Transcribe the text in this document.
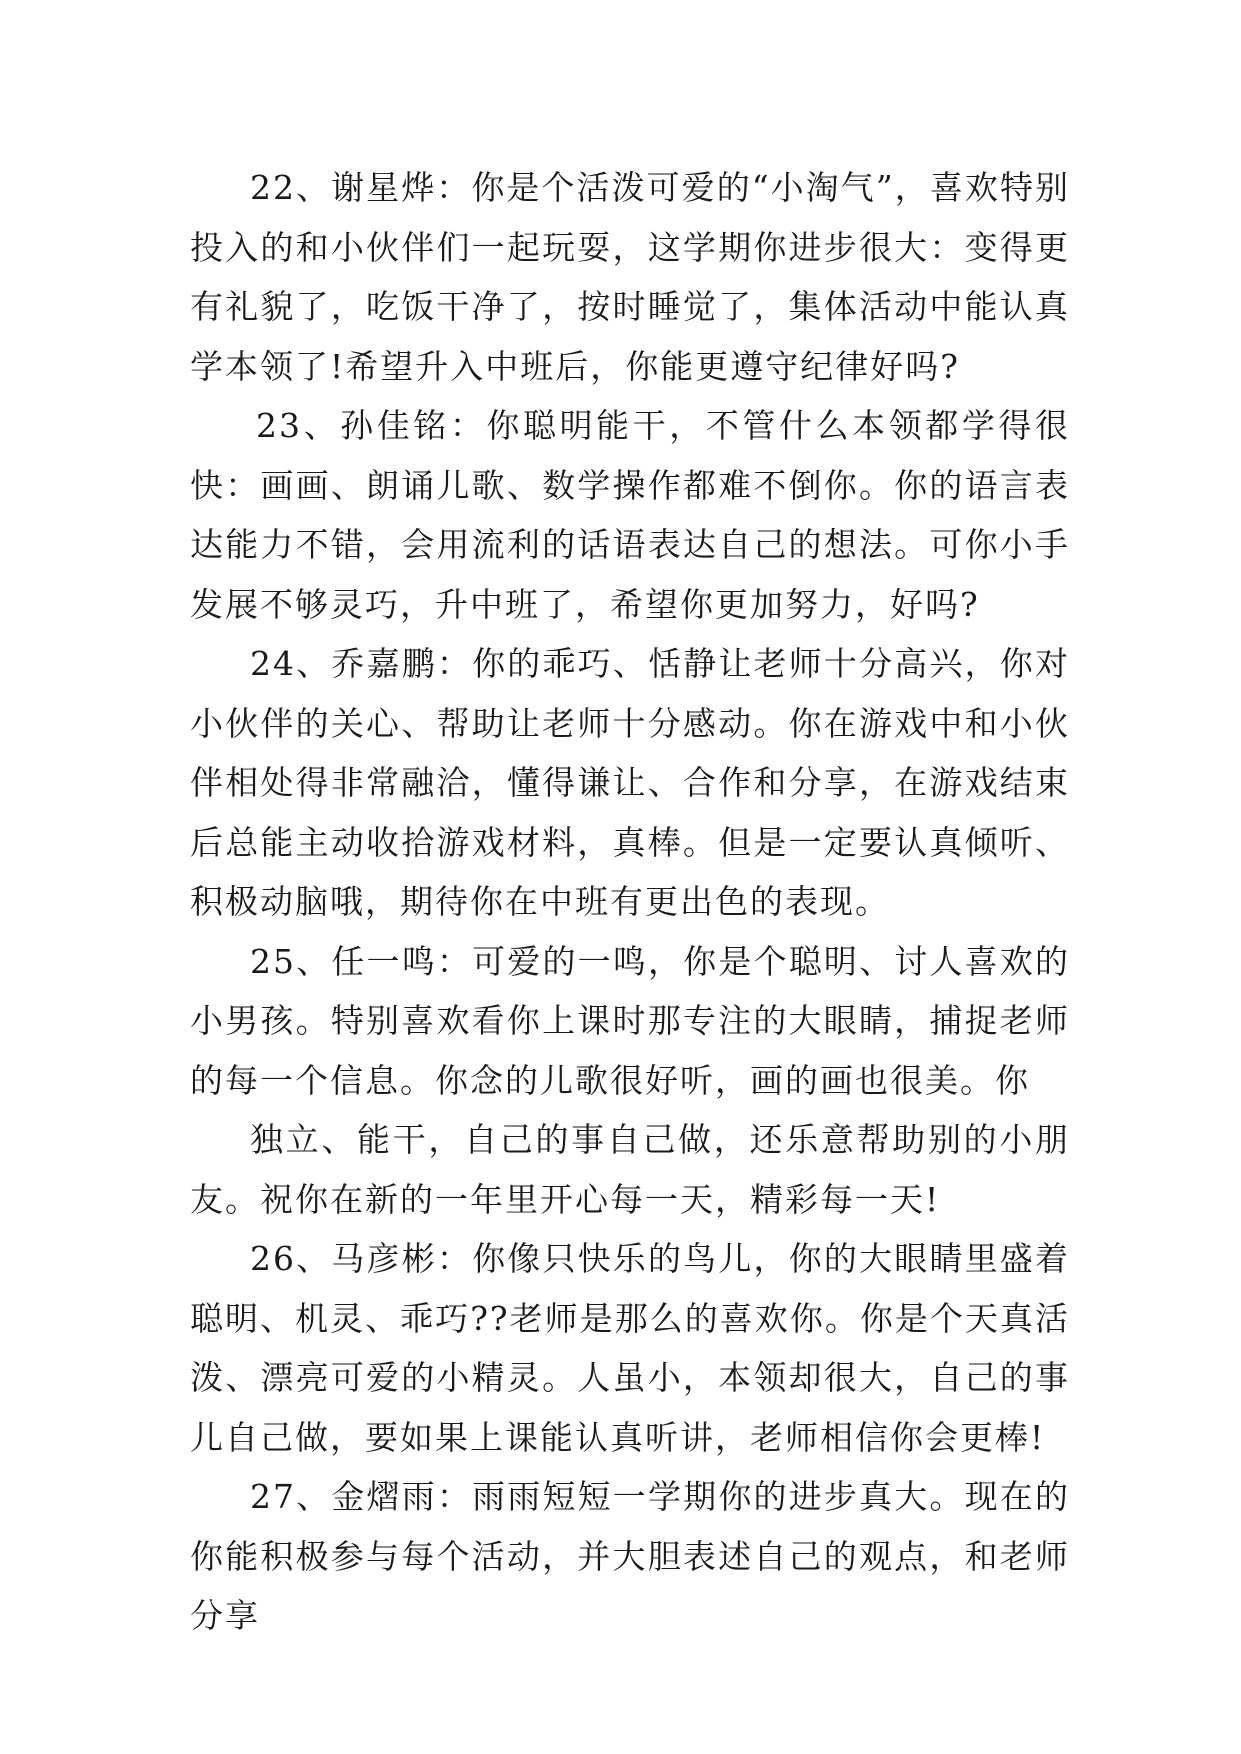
22、谢星烨：你是个活泼可爱的“小淘气”，喜欢特别投入的和小伙伴们一起玩耍，这学期你进步很大：变得更有礼貌了，吃饭干净了，按时睡觉了，集体活动中能认真学本领了!希望升入中班后，你能更遵守纪律好吗?

23、孙佳铭：你聪明能干，不管什么本领都学得很快：画画、朗诵儿歌、数学操作都难不倒你。你的语言表达能力不错，会用流利的话语表达自己的想法。可你小手发展不够灵巧，升中班了，希望你更加努力，好吗?

24、乔嘉鹏：你的乖巧、恬静让老师十分高兴，你对小伙伴的关心、帮助让老师十分感动。你在游戏中和小伙伴相处得非常融洽，懂得谦让、合作和分享，在游戏结束后总能主动收拾游戏材料，真棒。但是一定要认真倾听、积极动脑哦，期待你在中班有更出色的表现。

25、任一鸣：可爱的一鸣，你是个聪明、讨人喜欢的小男孩。特别喜欢看你上课时那专注的大眼睛，捕捉老师的每一个信息。你念的儿歌很好听，画的画也很美。你

独立、能干，自己的事自己做，还乐意帮助别的小朋友。祝你在新的一年里开心每一天，精彩每一天!

26、马彦彬：你像只快乐的鸟儿，你的大眼睛里盛着聪明、机灵、乖巧??老师是那么的喜欢你。你是个天真活泼、漂亮可爱的小精灵。人虽小，本领却很大，自己的事儿自己做，要如果上课能认真听讲，老师相信你会更棒!

27、金熠雨：雨雨短短一学期你的进步真大。现在的你能积极参与每个活动，并大胆表述自己的观点，和老师分享
